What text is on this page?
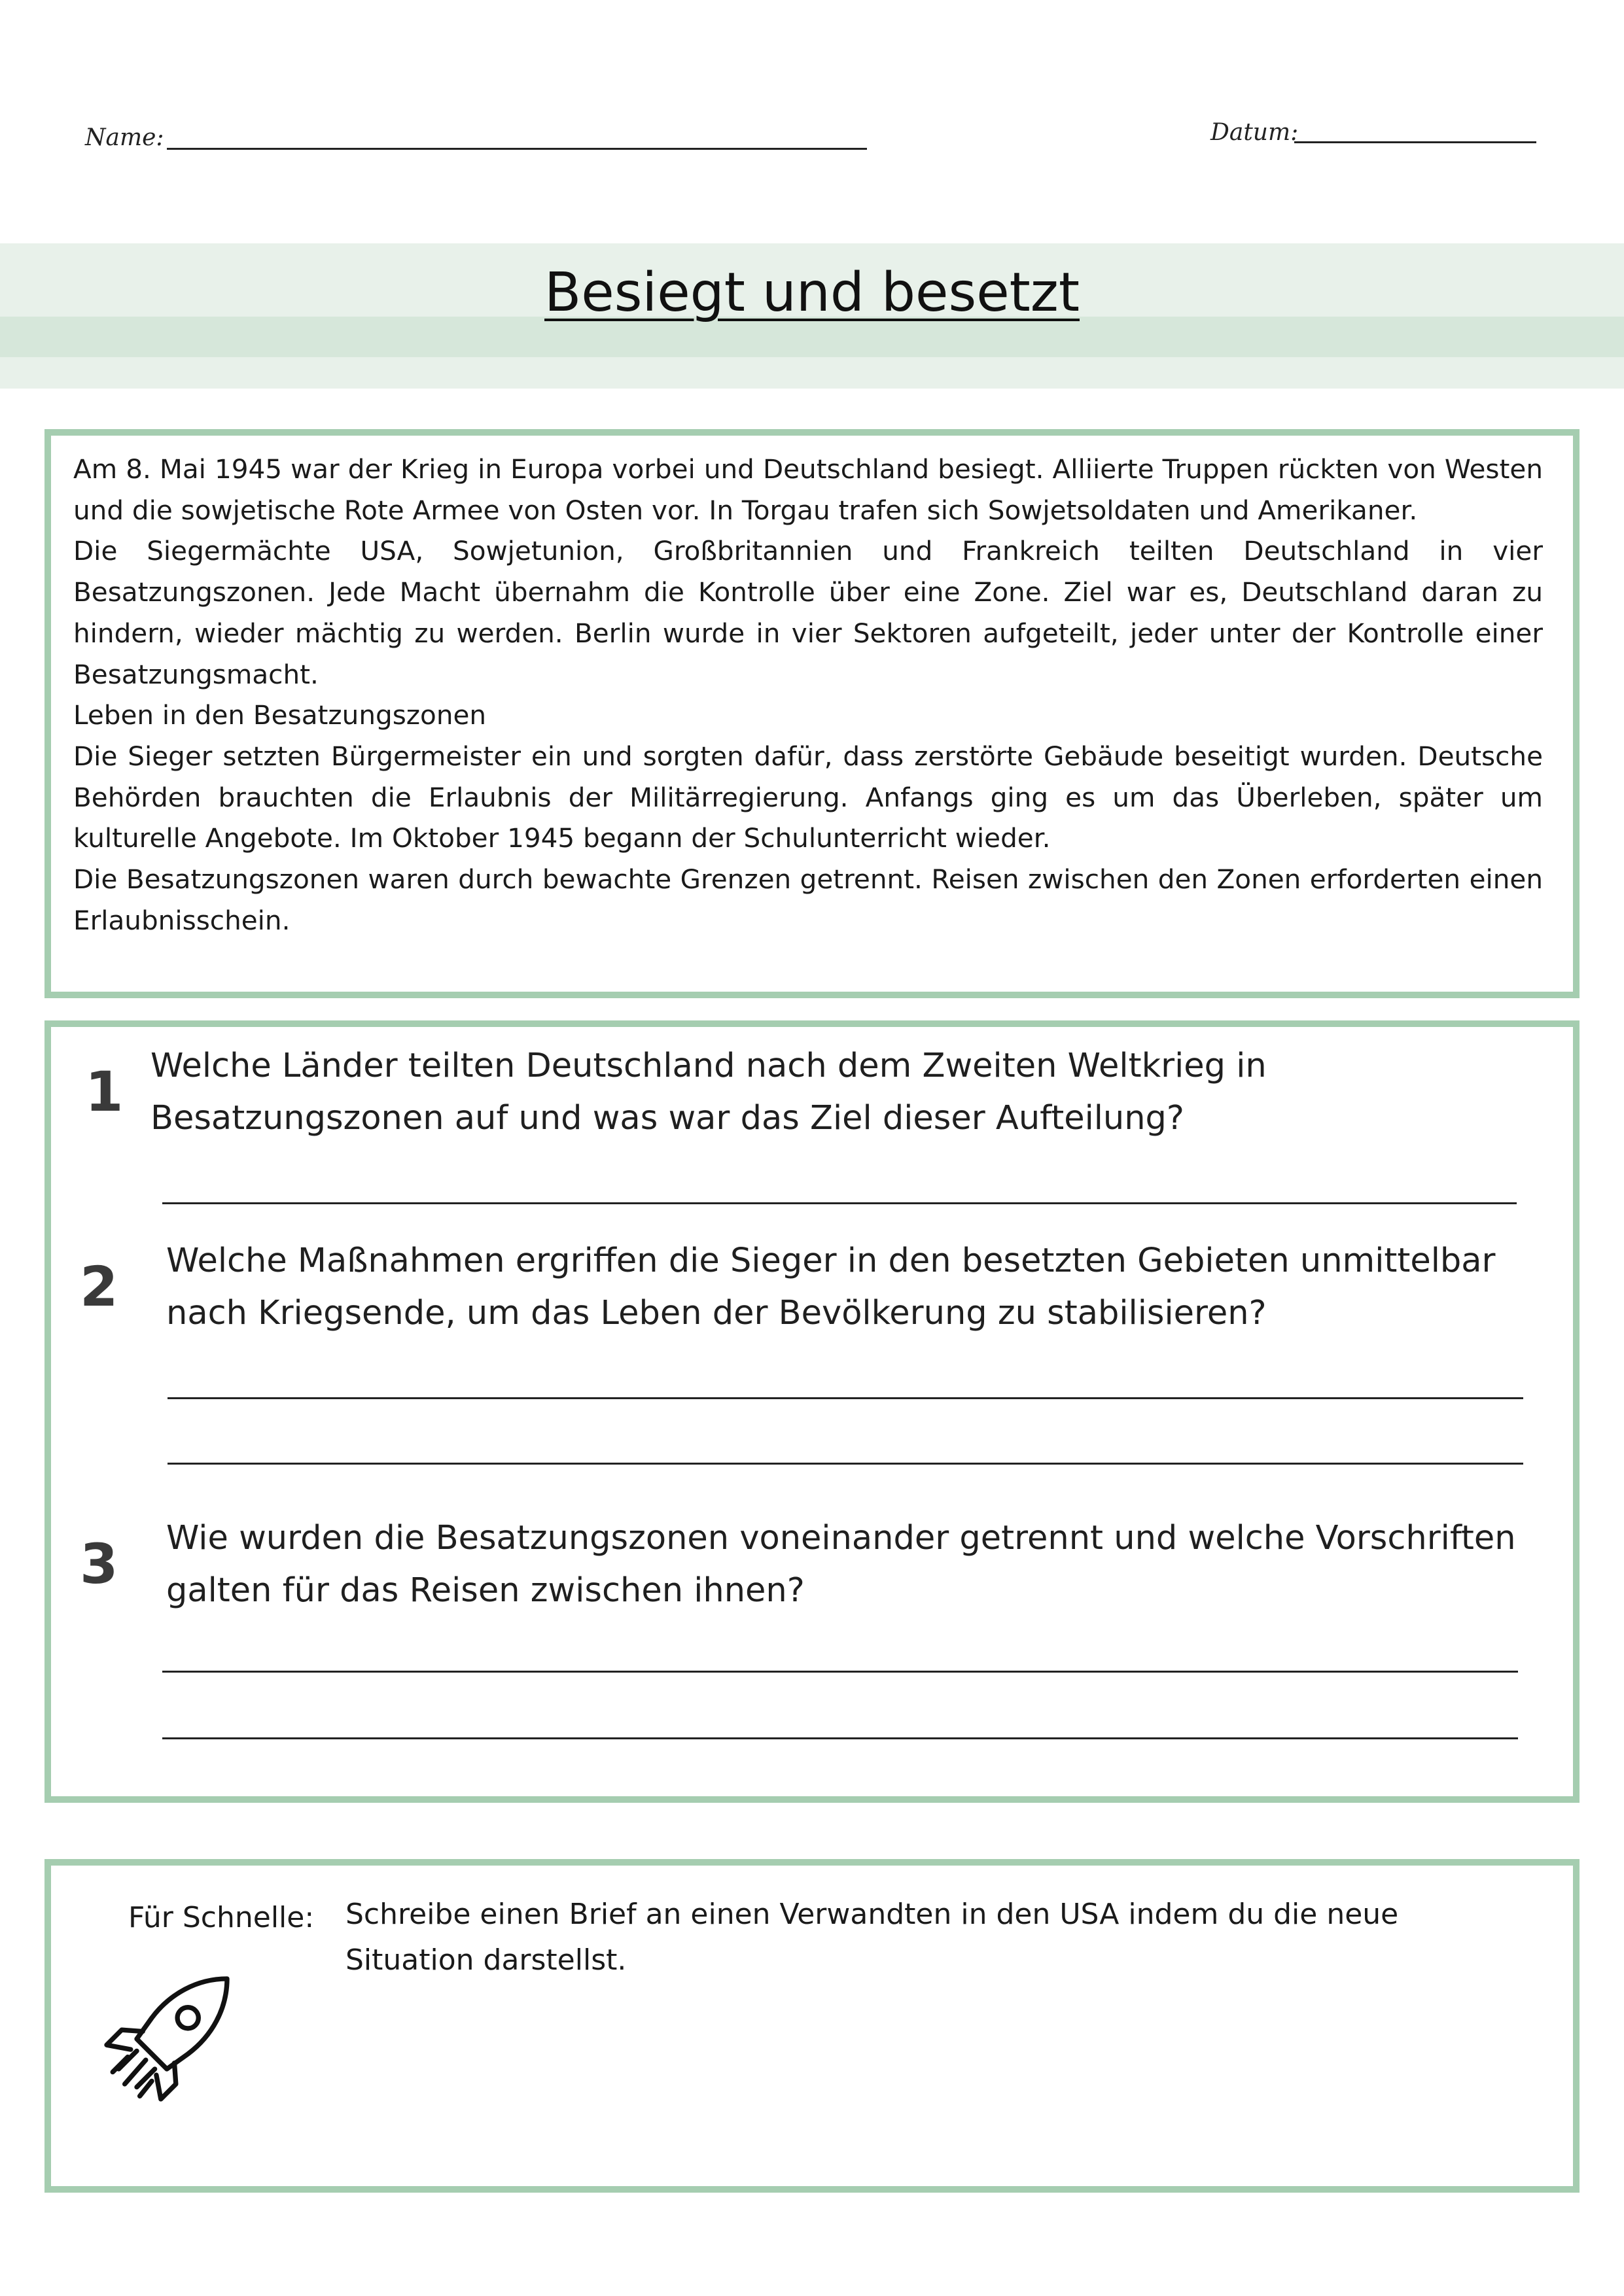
Name:	Datum:
Besiegt und besetzt

Am 8. Mai 1945 war der Krieg in Europa vorbei und Deutschland besiegt. Alliierte Truppen rückten von Westen und die sowjetische Rote Armee von Osten vor. In Torgau trafen sich Sowjetsoldaten und Amerikaner.

Die Siegermächte USA, Sowjetunion, Großbritannien und Frankreich teilten Deutschland in vier Besatzungszonen. Jede Macht übernahm die Kontrolle über eine Zone. Ziel war es, Deutschland daran zu hindern, wieder mächtig zu werden. Berlin wurde in vier Sektoren aufgeteilt, jeder unter der Kontrolle einer Besatzungsmacht.

Leben in den Besatzungszonen

Die Sieger setzten Bürgermeister ein und sorgten dafür, dass zerstörte Gebäude beseitigt wurden. Deutsche Behörden brauchten die Erlaubnis der Militärregierung. Anfangs ging es um das Überleben, später um kulturelle Angebote. Im Oktober 1945 begann der Schulunterricht wieder.

Die Besatzungszonen waren durch bewachte Grenzen getrennt. Reisen zwischen den Zonen erforderten einen Erlaubnisschein.

1 Welche Länder teilten Deutschland nach dem Zweiten Weltkrieg in
Besatzungszonen auf und was war das Ziel dieser Aufteilung?
2 Welche Maßnahmen ergriffen die Sieger in den besetzten Gebieten unmittelbar
nach Kriegsende, um das Leben der Bevölkerung zu stabilisieren?
3 Wie wurden die Besatzungszonen voneinander getrennt und welche Vorschriften
galten für das Reisen zwischen ihnen?
Für Schnelle: Schreibe einen Brief an einen Verwandten in den USA indem du die neue
Situation darstellst.
